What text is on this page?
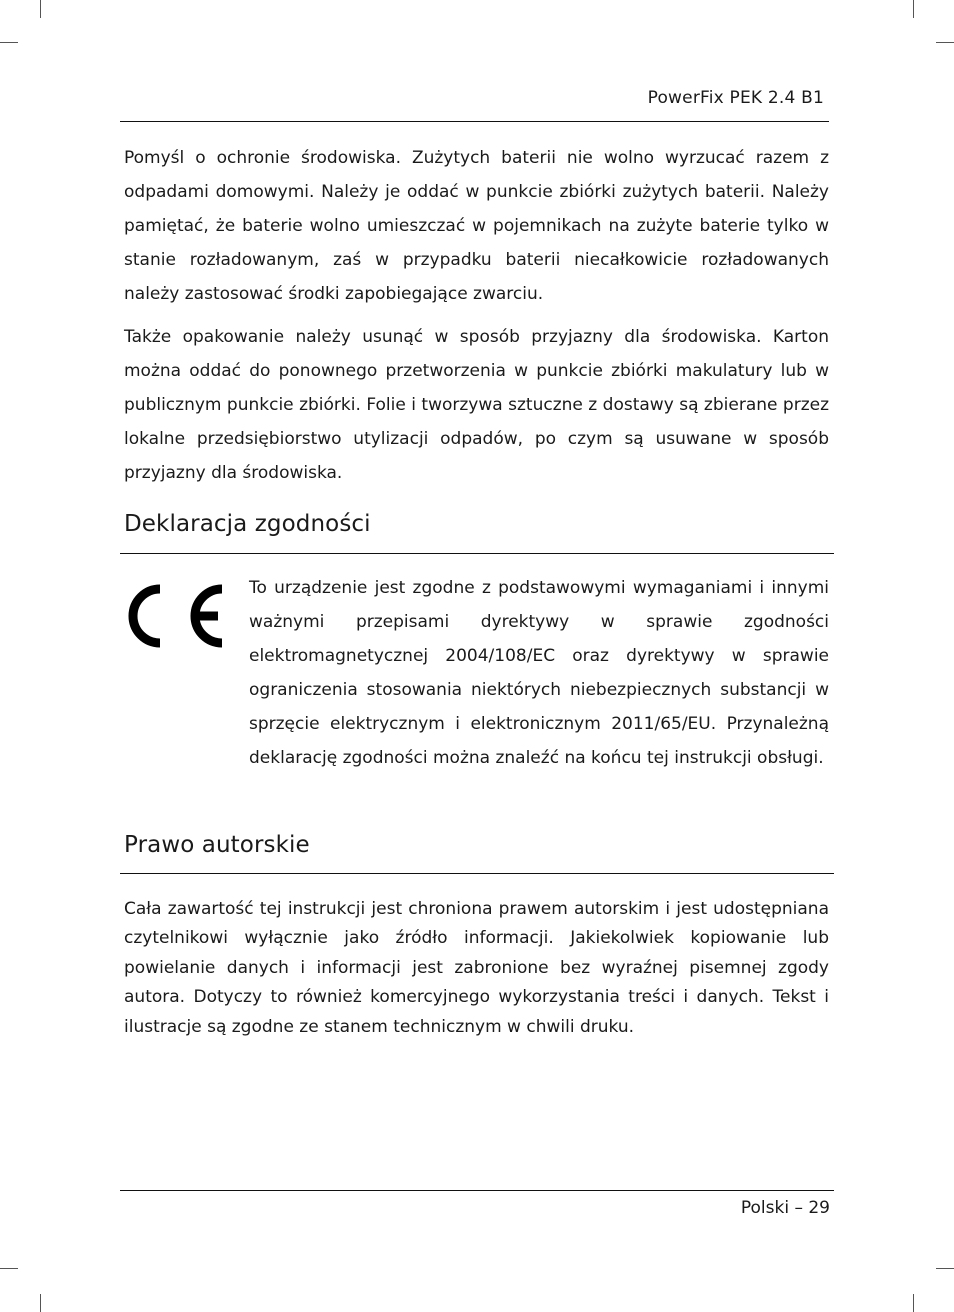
PowerFix PEK 2.4 B1

Pomyśl o ochronie środowiska. Zużytych baterii nie wolno wyrzucać razem z odpadami domowymi. Należy je oddać w punkcie zbiórki zużytych baterii. Należy pamiętać, że baterie wolno umieszczać w pojemnikach na zużyte baterie tylko w stanie rozładowanym, zaś w przypadku baterii niecałkowicie rozładowanych należy zastosować środki zapobiegające zwarciu.

Także opakowanie należy usunąć w sposób przyjazny dla środowiska. Karton można oddać do ponownego przetworzenia w punkcie zbiórki makulatury lub w publicznym punkcie zbiórki. Folie i tworzywa sztuczne z dostawy są zbierane przez lokalne przedsiębiorstwo utylizacji odpadów, po czym są usuwane w sposób przyjazny dla środowiska.

Deklaracja zgodności

To urządzenie jest zgodne z podstawowymi wymaganiami i innymi ważnymi przepisami dyrektywy w sprawie zgodności elektromagnetycznej 2004/108/EC oraz dyrektywy w sprawie ograniczenia stosowania niektórych niebezpiecznych substancji w sprzęcie elektrycznym i elektronicznym 2011/65/EU. Przynależną deklarację zgodności można znaleźć na końcu tej instrukcji obsługi.

Prawo autorskie

Cała zawartość tej instrukcji jest chroniona prawem autorskim i jest udostępniana czytelnikowi wyłącznie jako źródło informacji. Jakiekolwiek kopiowanie lub powielanie danych i informacji jest zabronione bez wyraźnej pisemnej zgody autora. Dotyczy to również komercyjnego wykorzystania treści i danych. Tekst i ilustracje są zgodne ze stanem technicznym w chwili druku.

Polski – 29
